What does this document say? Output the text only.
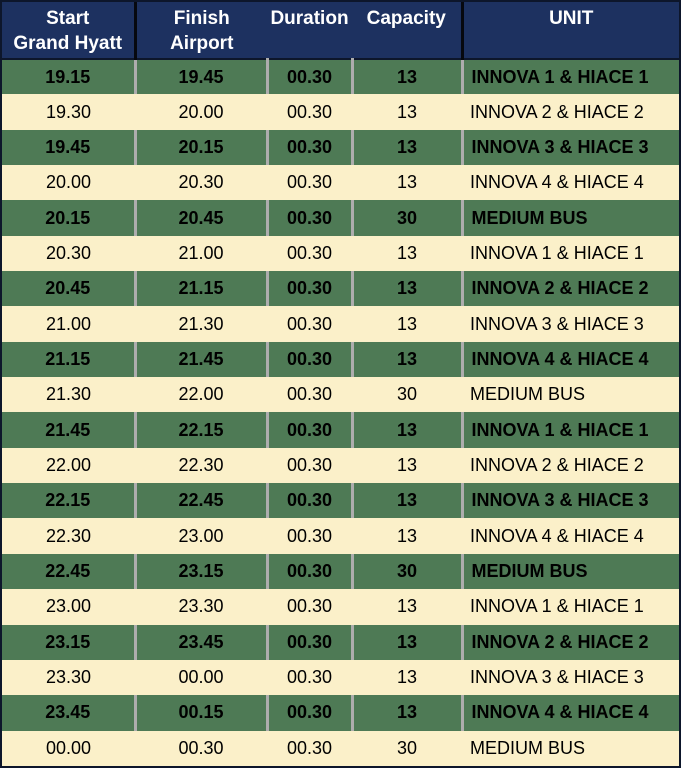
Start
Grand Hyatt

Finish
Airport

Duration	Capacity	UNIT

19.15	19.45	00.30	13	INNOVA 1 & HIACE 1
19.30	20.00	00.30	13	INNOVA 2 & HIACE 2
19.45	20.15	00.30	13	INNOVA 3 & HIACE 3
20.00	20.30	00.30	13	INNOVA 4 & HIACE 4
20.15	20.45	00.30	30	MEDIUM BUS
20.30	21.00	00.30	13	INNOVA 1 & HIACE 1
20.45	21.15	00.30	13	INNOVA 2 & HIACE 2
21.00	21.30	00.30	13	INNOVA 3 & HIACE 3
21.15	21.45	00.30	13	INNOVA 4 & HIACE 4
21.30	22.00	00.30	30	MEDIUM BUS
21.45	22.15	00.30	13	INNOVA 1 & HIACE 1
22.00	22.30	00.30	13	INNOVA 2 & HIACE 2
22.15	22.45	00.30	13	INNOVA 3 & HIACE 3
22.30	23.00	00.30	13	INNOVA 4 & HIACE 4
22.45	23.15	00.30	30	MEDIUM BUS
23.00	23.30	00.30	13	INNOVA 1 & HIACE 1
23.15	23.45	00.30	13	INNOVA 2 & HIACE 2
23.30	00.00	00.30	13	INNOVA 3 & HIACE 3
23.45	00.15	00.30	13	INNOVA 4 & HIACE 4
00.00	00.30	00.30	30	MEDIUM BUS
